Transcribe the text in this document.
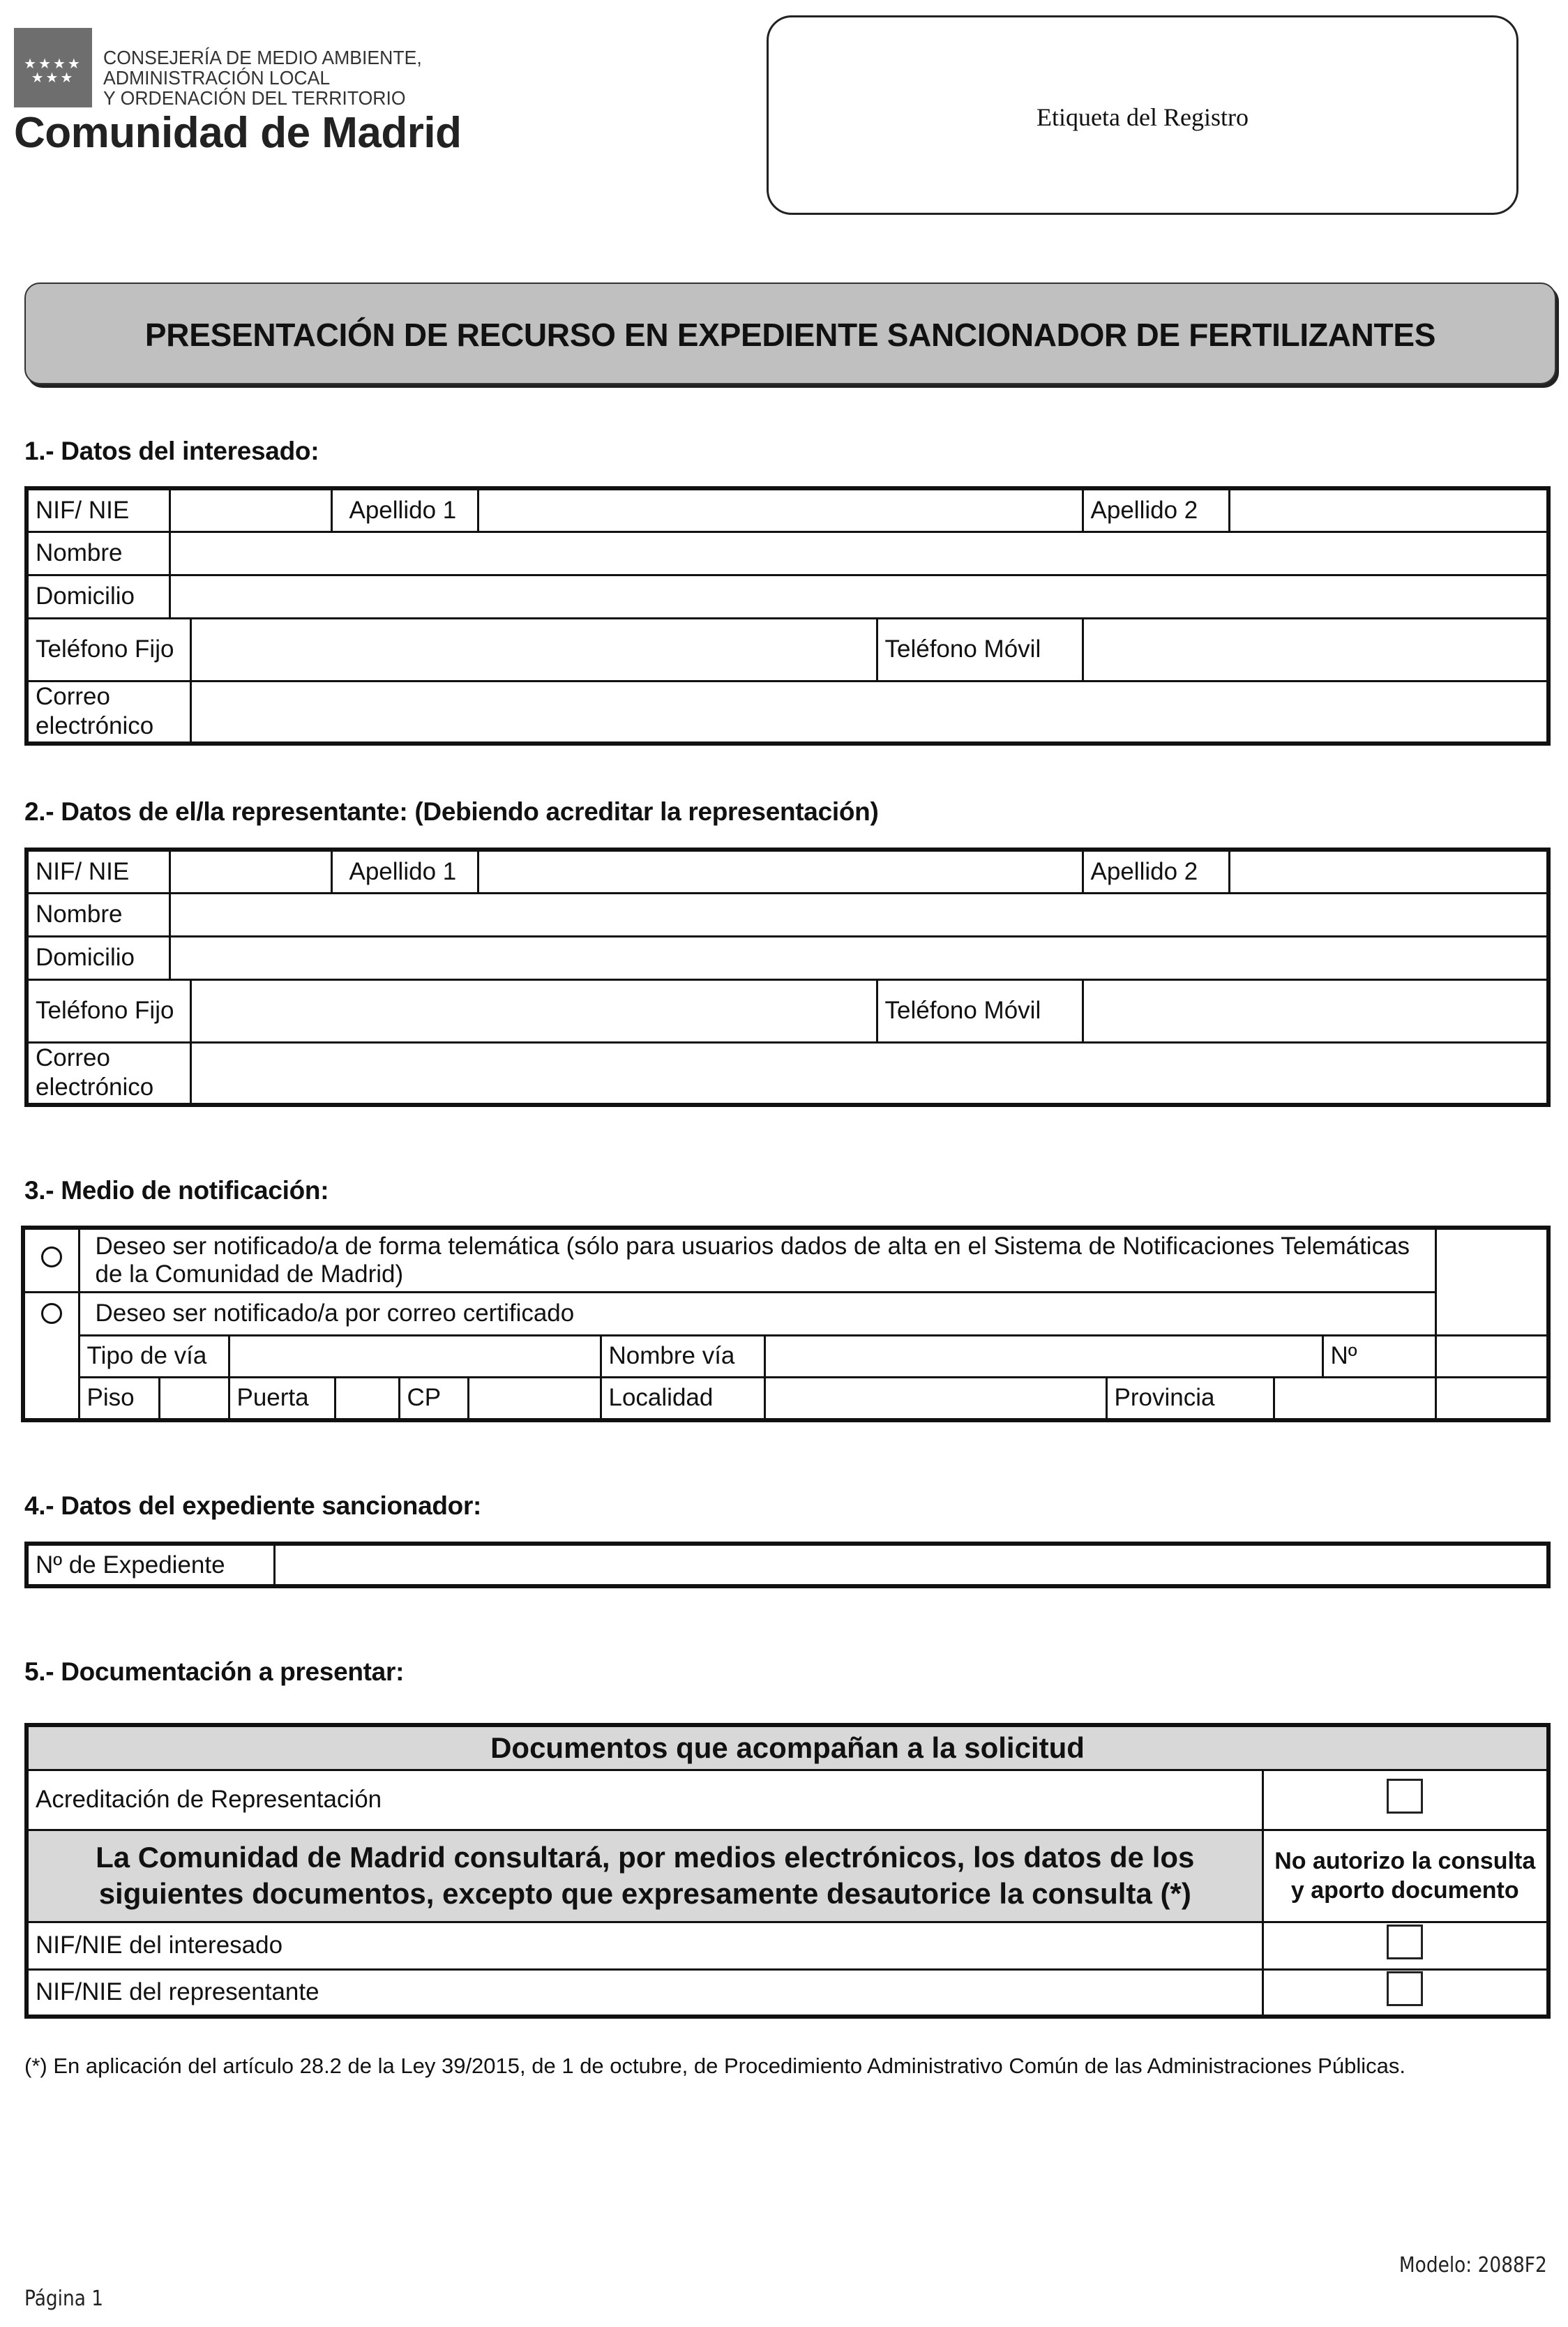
★★★★
★★★
CONSEJERÍA DE MEDIO AMBIENTE,
ADMINISTRACIÓN LOCAL
Y ORDENACIÓN DEL TERRITORIO
Comunidad de Madrid	Etiqueta del Registro
PRESENTACIÓN DE RECURSO EN EXPEDIENTE SANCIONADOR DE FERTILIZANTES
1.- Datos del interesado:
NIF/ NIE			Apellido 1			Apellido 2	

Nombre	

Domicilio	

Teléfono Fijo					Teléfono Móvil	

Correo electrónico	
2.- Datos de el/la representante: (Debiendo acreditar la representación)
NIF/ NIE			Apellido 1			Apellido 2	

Nombre	

Domicilio	

Teléfono Fijo					Teléfono Móvil	

Correo electrónico	
3.- Medio de notificación:
	Deseo ser notificado/a de forma telemática (sólo para usuarios dados de alta en el Sistema de Notificaciones Telemáticas de la Comunidad de Madrid)											
	Deseo ser notificado/a por correo certificado											
	Tipo de vía						Nombre vía				Nº	

	Piso		Puerta		CP		Localidad		Provincia	
4.- Datos del expediente sancionador:
Nº de Expediente	
5.- Documentación a presentar:
Documentos que acompañan a la solicitud	
Acreditación de Representación	
La Comunidad de Madrid consultará, por medios electrónicos, los datos de los siguientes documentos, excepto que expresamente desautorice la consulta (*)	No autorizo la consulta y aporto documento
NIF/NIE del interesado	
NIF/NIE del representante	
(*) En aplicación del artículo 28.2 de la Ley 39/2015, de 1 de octubre, de Procedimiento Administrativo Común de las Administraciones Públicas.
Modelo: 2088F2
Página 1
